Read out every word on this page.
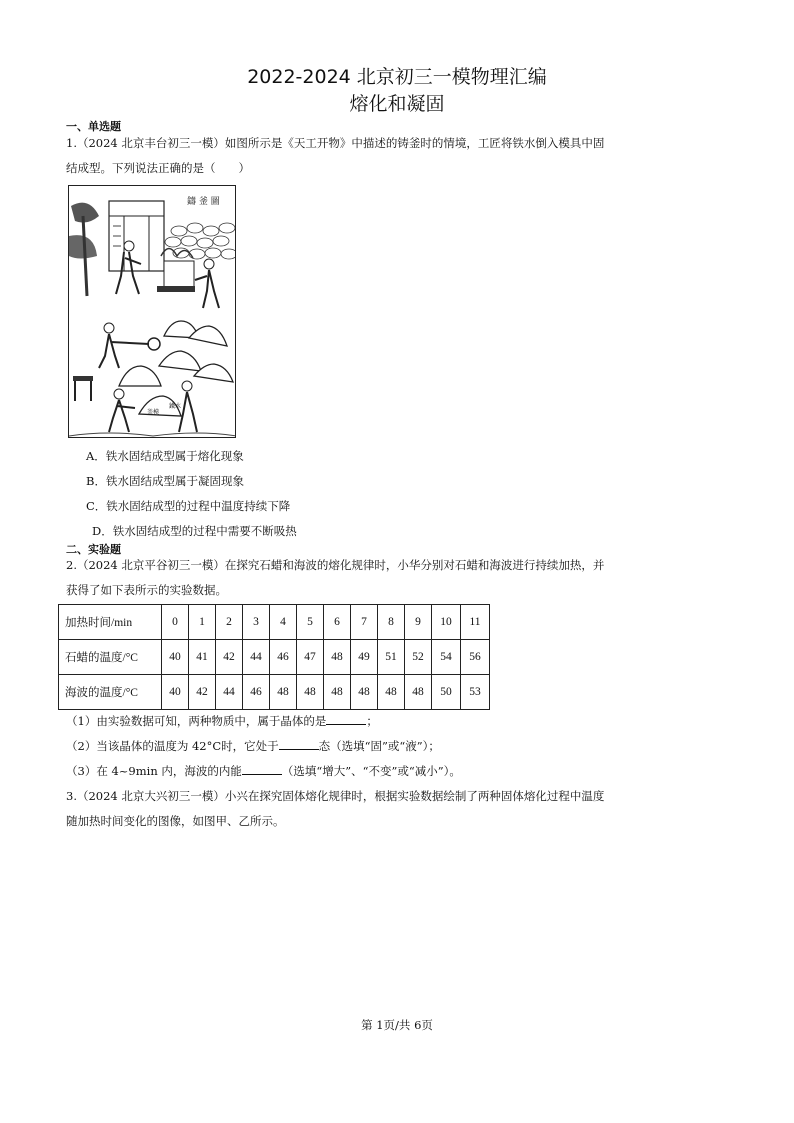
2022-2024 北京初三一模物理汇编
熔化和凝固
一、单选题
1.（2024 北京丰台初三一模）如图所示是《天工开物》中描述的铸釜时的情境，工匠将铁水倒入模具中固
结成型。下列说法正确的是（　　）
鑄 釜 圖
釜模
鐵水
A．铁水固结成型属于熔化现象
B．铁水固结成型属于凝固现象
C．铁水固结成型的过程中温度持续下降
D．铁水固结成型的过程中需要不断吸热
二、实验题
2.（2024 北京平谷初三一模）在探究石蜡和海波的熔化规律时，小华分别对石蜡和海波进行持续加热，并
获得了如下表所示的实验数据。
加热时间/min	0	1	2	3	4	5	6	7	8	9	10	11
石蜡的温度/°C	40	41	42	44	46	47	48	49	51	52	54	56
海波的温度/°C	40	42	44	46	48	48	48	48	48	48	50	53
（1）由实验数据可知，两种物质中，属于晶体的是	；
（2）当该晶体的温度为 42°C时，它处于	态（选填“固”或“液”）；
（3）在 4~9min 内，海波的内能	（选填“增大”、“不变”或“减小”）。
3.（2024 北京大兴初三一模）小兴在探究固体熔化规律时，根据实验数据绘制了两种固体熔化过程中温度
随加热时间变化的图像，如图甲、乙所示。
第 1页/共 6页
